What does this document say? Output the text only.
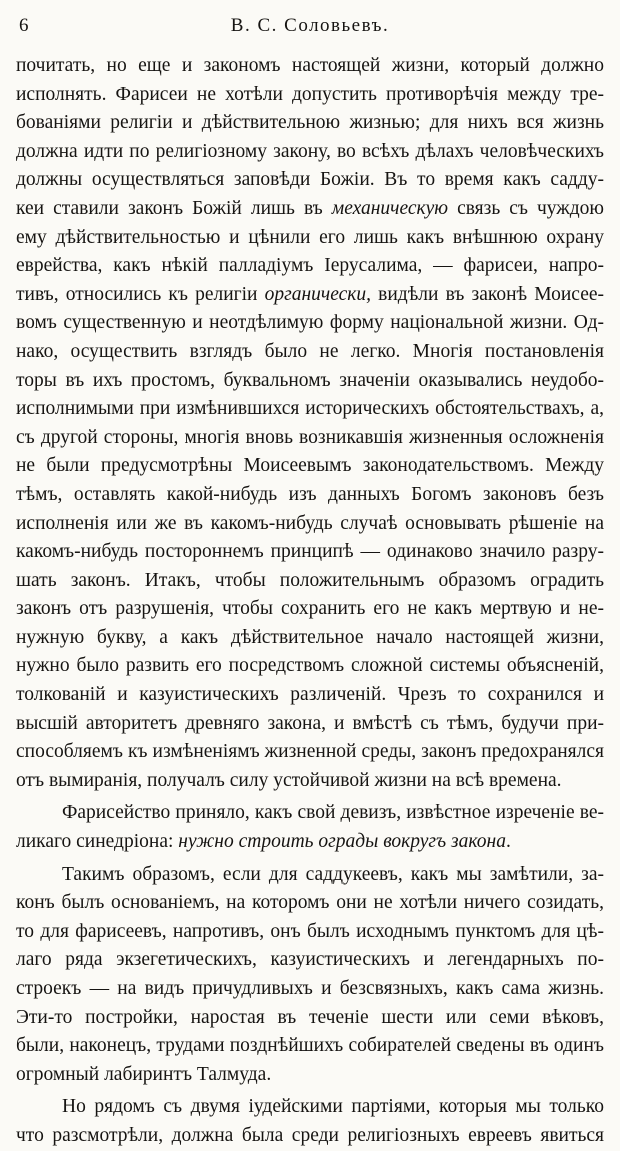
6	В. С. Соловьевъ.
почитать, но еще и закономъ настоящей жизни, который должно
исполнять. Фарисеи не хотѣли допустить противорѣчія между тре-
бованіями религіи и дѣйствительною жизнью; для нихъ вся жизнь
должна идти по религіозному закону, во всѣхъ дѣлахъ человѣческихъ
должны осуществляться заповѣди Божіи. Въ то время какъ садду-
кеи ставили законъ Божій лишь въ механическую связь съ чуждою
ему дѣйствительностью и цѣнили его лишь какъ внѣшнюю охрану
еврейства, какъ нѣкій палладіумъ Іерусалима, — фарисеи, напро-
тивъ, относились къ религіи органически, видѣли въ законѣ Моисее-
вомъ существенную и неотдѣлимую форму національной жизни. Од-
нако, осуществить взглядъ было не легко. Многія постановленія
торы въ ихъ простомъ, буквальномъ значеніи оказывались неудобо-
исполнимыми при измѣнившихся историческихъ обстоятельствахъ, а,
съ другой стороны, многія вновь возникавшія жизненныя осложненія
не были предусмотрѣны Моисеевымъ законодательствомъ. Между
тѣмъ, оставлять какой-нибудь изъ данныхъ Богомъ законовъ безъ
исполненія или же въ какомъ-нибудь случаѣ основывать рѣшеніе на
какомъ-нибудь постороннемъ принципѣ — одинаково значило разру-
шать законъ. Итакъ, чтобы положительнымъ образомъ оградить
законъ отъ разрушенія, чтобы сохранить его не какъ мертвую и не-
нужную букву, а какъ дѣйствительное начало настоящей жизни,
нужно было развить его посредствомъ сложной системы объясненій,
толкованій и казуистическихъ различеній. Чрезъ то сохранился и
высшій авторитетъ древняго закона, и вмѣстѣ съ тѣмъ, будучи при-
способляемъ къ измѣненіямъ жизненной среды, законъ предохранялся
отъ вымиранія, получалъ силу устойчивой жизни на всѣ времена.
Фарисейство приняло, какъ свой девизъ, извѣстное изреченіе ве-
ликаго синедріона: нужно строить ограды вокругъ закона.
Такимъ образомъ, если для саддукеевъ, какъ мы замѣтили, за-
конъ былъ основаніемъ, на которомъ они не хотѣли ничего созидать,
то для фарисеевъ, напротивъ, онъ былъ исходнымъ пунктомъ для цѣ-
лаго ряда экзегетическихъ, казуистическихъ и легендарныхъ по-
строекъ — на видъ причудливыхъ и безсвязныхъ, какъ сама жизнь.
Эти-то постройки, наростая въ теченіе шести или семи вѣковъ,
были, наконецъ, трудами позднѣйшихъ собирателей сведены въ одинъ
огромный лабиринтъ Талмуда.
Но рядомъ съ двумя іудейскими партіями, которыя мы только
что разсмотрѣли, должна была среди религіозныхъ евреевъ явиться
